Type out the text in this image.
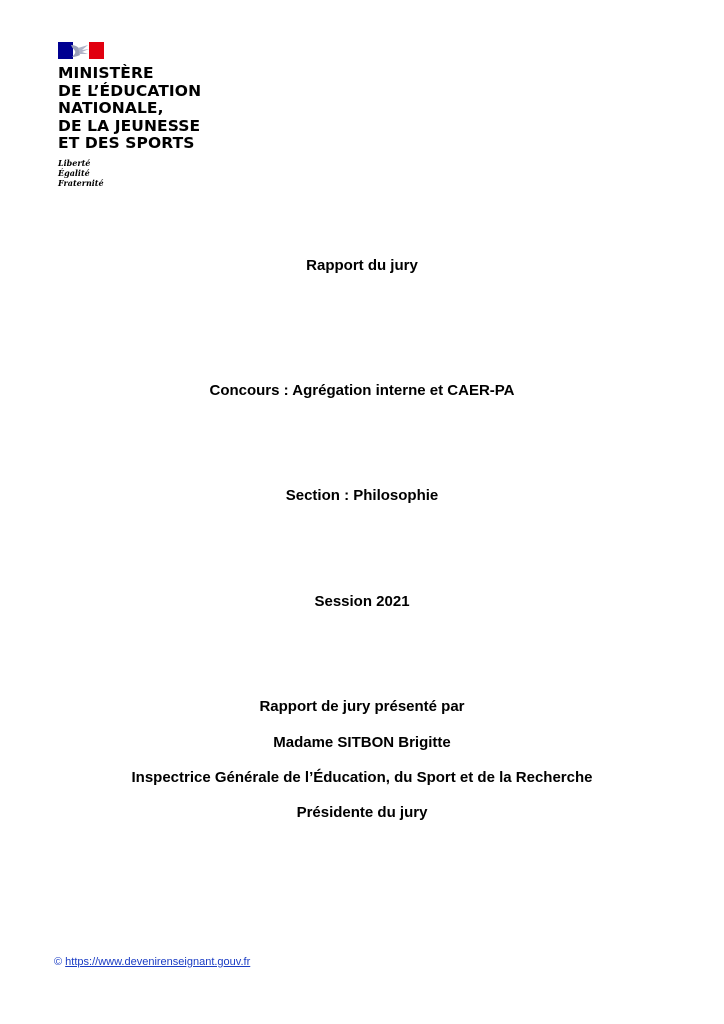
MINISTÈRE
DE L’ÉDUCATION
NATIONALE,
DE LA JEUNESSE
ET DES SPORTS
Liberté
Égalité
Fraternité
Rapport du jury
Concours : Agrégation interne et CAER-PA
Section : Philosophie
Session 2021
Rapport de jury présenté par
Madame SITBON Brigitte
Inspectrice Générale de l’Éducation, du Sport et de la Recherche
Présidente du jury
© https://www.devenirenseignant.gouv.fr
